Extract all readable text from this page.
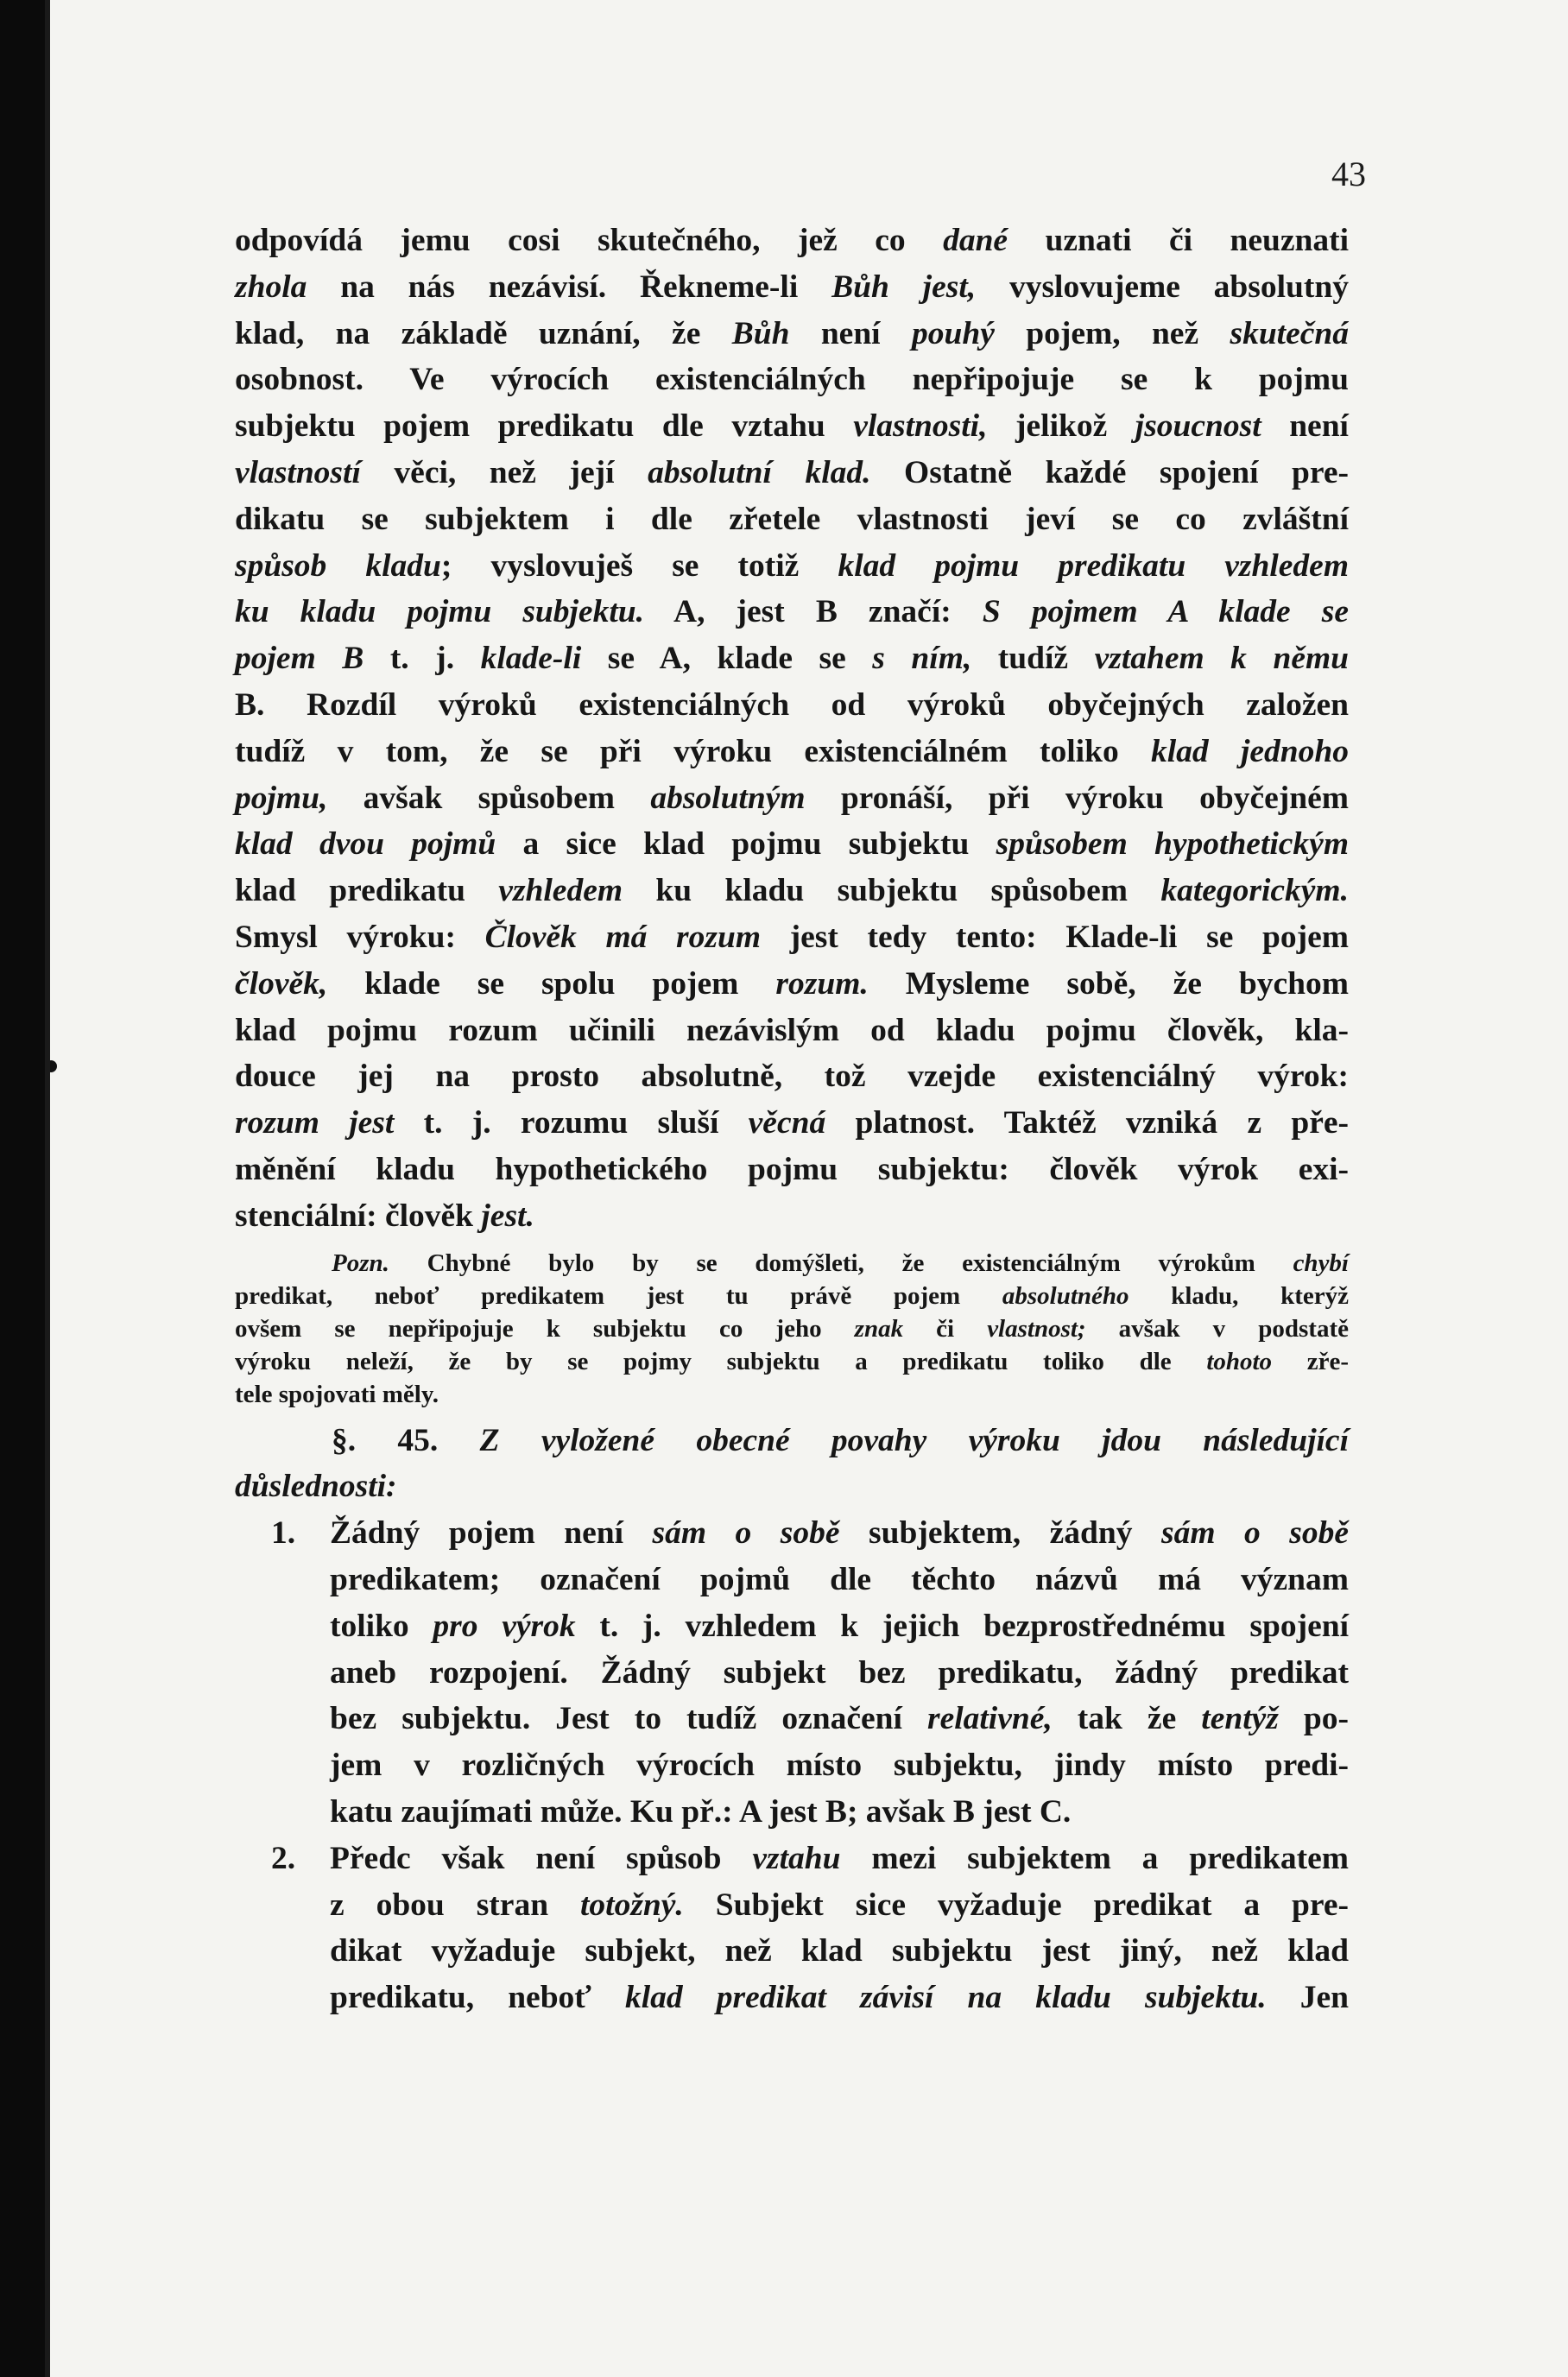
43
odpovídá jemu cosi skutečného, jež co dané uznati či neuznati
zhola na nás nezávisí. Řekneme-li Bůh jest, vyslovujeme absolutný
klad, na základě uznání, že Bůh není pouhý pojem, než skutečná
osobnost. Ve výrocích existenciálných nepřipojuje se k pojmu
subjektu pojem predikatu dle vztahu vlastnosti, jelikož jsoucnost není
vlastností věci, než její absolutní klad. Ostatně každé spojení pre-
dikatu se subjektem i dle zřetele vlastnosti jeví se co zvláštní
spůsob kladu; vyslovuješ se totiž klad pojmu predikatu vzhledem
ku kladu pojmu subjektu. A, jest B značí: S pojmem A klade se
pojem B t. j. klade-li se A, klade se s ním, tudíž vztahem k němu
B. Rozdíl výroků existenciálných od výroků obyčejných založen
tudíž v tom, že se při výroku existenciálném toliko klad jednoho
pojmu, avšak spůsobem absolutným pronáší, při výroku obyčejném
klad dvou pojmů a sice klad pojmu subjektu spůsobem hypothetickým
klad predikatu vzhledem ku kladu subjektu spůsobem kategorickým.
Smysl výroku: Člověk má rozum jest tedy tento: Klade-li se pojem
člověk, klade se spolu pojem rozum. Mysleme sobě, že bychom
klad pojmu rozum učinili nezávislým od kladu pojmu člověk, kla-
douce jej na prosto absolutně, tož vzejde existenciálný výrok:
rozum jest t. j. rozumu sluší věcná platnost. Taktéž vzniká z pře-
měnění kladu hypothetického pojmu subjektu: člověk výrok exi-
stenciální: člověk jest.
Pozn. Chybné bylo by se domýšleti, že existenciálným výrokům chybí
predikat, neboť predikatem jest tu právě pojem absolutného kladu, kterýž
ovšem se nepřipojuje k subjektu co jeho znak či vlastnost; avšak v podstatě
výroku neleží, že by se pojmy subjektu a predikatu toliko dle tohoto zře-
tele spojovati měly.
§. 45. Z vyložené obecné povahy výroku jdou následující
důslednosti:
1. Žádný pojem není sám o sobě subjektem, žádný sám o sobě
predikatem; označení pojmů dle těchto názvů má význam
toliko pro výrok t. j. vzhledem k jejich bezprostřednému spojení
aneb rozpojení. Žádný subjekt bez predikatu, žádný predikat
bez subjektu. Jest to tudíž označení relativné, tak že tentýž po-
jem v rozličných výrocích místo subjektu, jindy místo predi-
katu zaujímati může. Ku př.: A jest B; avšak B jest C.
2. Předc však není spůsob vztahu mezi subjektem a predikatem
z obou stran totožný. Subjekt sice vyžaduje predikat a pre-
dikat vyžaduje subjekt, než klad subjektu jest jiný, než klad
predikatu, neboť klad predikat závisí na kladu subjektu. Jen
